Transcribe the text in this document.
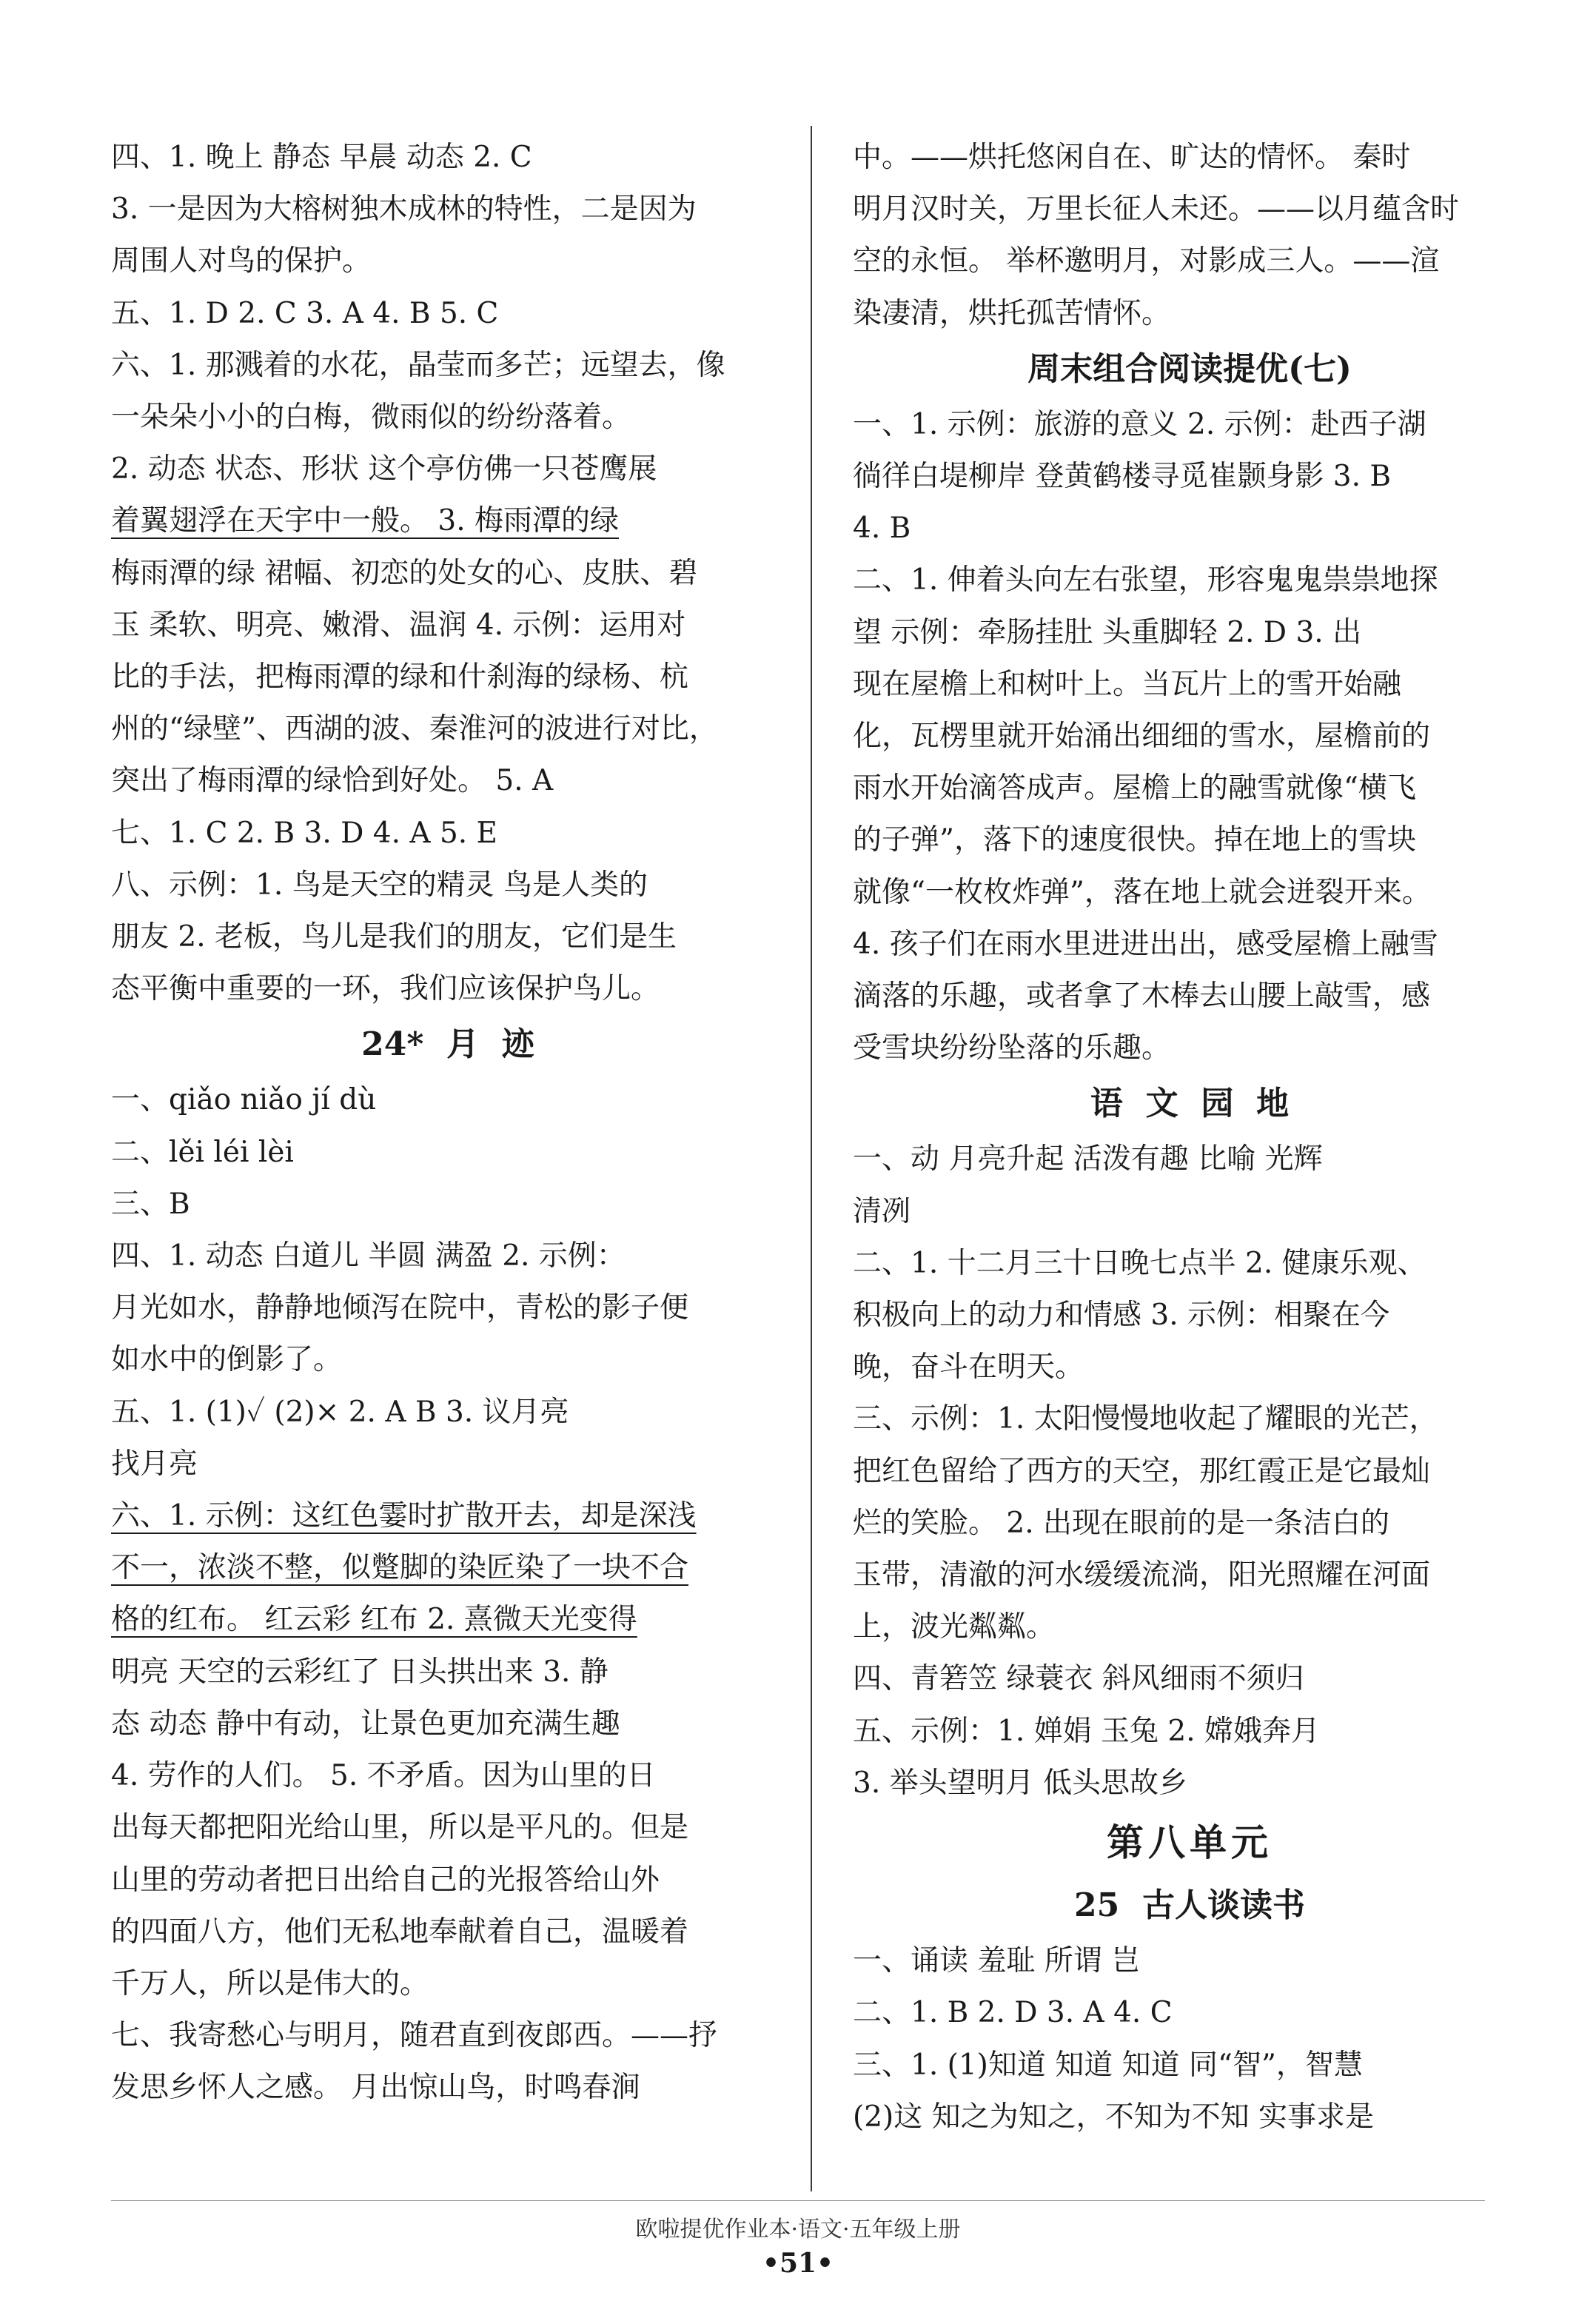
四、1. 晚上 静态 早晨 动态 2. C
3. 一是因为大榕树独木成林的特性，二是因为
周围人对鸟的保护。
五、1. D 2. C 3. A 4. B 5. C
六、1. 那溅着的水花，晶莹而多芒；远望去，像
一朵朵小小的白梅，微雨似的纷纷落着。
2. 动态 状态、形状 这个亭仿佛一只苍鹰展
着翼翅浮在天宇中一般。 3. 梅雨潭的绿
梅雨潭的绿 裙幅、初恋的处女的心、皮肤、碧
玉 柔软、明亮、嫩滑、温润 4. 示例：运用对
比的手法，把梅雨潭的绿和什刹海的绿杨、杭
州的“绿壁”、西湖的波、秦淮河的波进行对比，
突出了梅雨潭的绿恰到好处。 5. A
七、1. C 2. B 3. D 4. A 5. E
八、示例：1. 鸟是天空的精灵 鸟是人类的
朋友 2. 老板，鸟儿是我们的朋友，它们是生
态平衡中重要的一环，我们应该保护鸟儿。
24* 月 迹
一、qiǎo niǎo jí dù
二、lěi léi lèi
三、B
四、1. 动态 白道儿 半圆 满盈 2. 示例：
月光如水，静静地倾泻在院中，青松的影子便
如水中的倒影了。
五、1. (1)✓ (2)× 2. A B 3. 议月亮
找月亮
六、1. 示例：这红色霎时扩散开去，却是深浅
不一，浓淡不整，似蹩脚的染匠染了一块不合
格的红布。 红云彩 红布 2. 熹微天光变得
明亮 天空的云彩红了 日头拱出来 3. 静
态 动态 静中有动，让景色更加充满生趣
4. 劳作的人们。 5. 不矛盾。因为山里的日
出每天都把阳光给山里，所以是平凡的。但是
山里的劳动者把日出给自己的光报答给山外
的四面八方，他们无私地奉献着自己，温暖着
千万人，所以是伟大的。
七、我寄愁心与明月，随君直到夜郎西。——抒
发思乡怀人之感。 月出惊山鸟，时鸣春涧
中。——烘托悠闲自在、旷达的情怀。 秦时
明月汉时关，万里长征人未还。——以月蕴含时
空的永恒。 举杯邀明月，对影成三人。——渲
染凄清，烘托孤苦情怀。
周末组合阅读提优(七)
一、1. 示例：旅游的意义 2. 示例：赴西子湖
徜徉白堤柳岸 登黄鹤楼寻觅崔颢身影 3. B
4. B
二、1. 伸着头向左右张望，形容鬼鬼祟祟地探
望 示例：牵肠挂肚 头重脚轻 2. D 3. 出
现在屋檐上和树叶上。当瓦片上的雪开始融
化，瓦楞里就开始涌出细细的雪水，屋檐前的
雨水开始滴答成声。屋檐上的融雪就像“横飞
的子弹”，落下的速度很快。掉在地上的雪块
就像“一枚枚炸弹”，落在地上就会迸裂开来。
4. 孩子们在雨水里进进出出，感受屋檐上融雪
滴落的乐趣，或者拿了木棒去山腰上敲雪，感
受雪块纷纷坠落的乐趣。
语 文 园 地
一、动 月亮升起 活泼有趣 比喻 光辉
清冽
二、1. 十二月三十日晚七点半 2. 健康乐观、
积极向上的动力和情感 3. 示例：相聚在今
晚，奋斗在明天。
三、示例：1. 太阳慢慢地收起了耀眼的光芒，
把红色留给了西方的天空，那红霞正是它最灿
烂的笑脸。 2. 出现在眼前的是一条洁白的
玉带，清澈的河水缓缓流淌，阳光照耀在河面
上，波光粼粼。
四、青箬笠 绿蓑衣 斜风细雨不须归
五、示例：1. 婵娟 玉兔 2. 嫦娥奔月
3. 举头望明月 低头思故乡
第八单元
25 古人谈读书
一、诵读 羞耻 所谓 岂
二、1. B 2. D 3. A 4. C
三、1. (1)知道 知道 知道 同“智”，智慧
(2)这 知之为知之，不知为不知 实事求是
欧啦提优作业本·语文·五年级上册
•51•
